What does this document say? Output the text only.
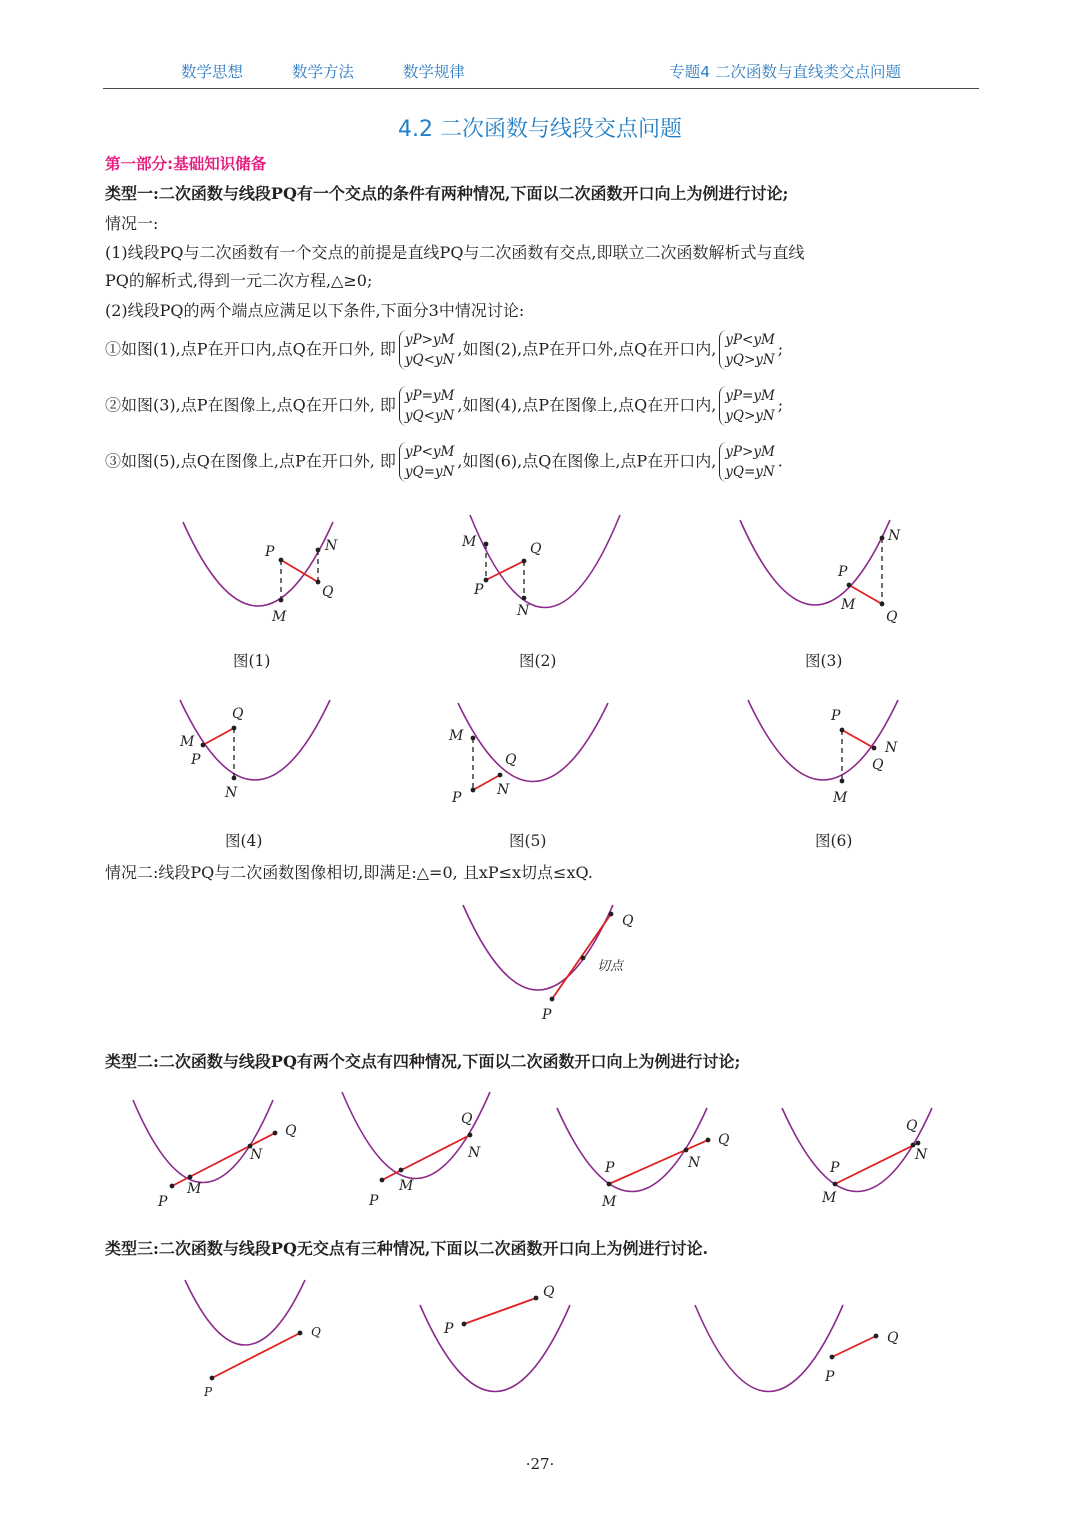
数学思想	数学方法	数学规律	专题4 二次函数与直线类交点问题
4.2 二次函数与线段交点问题
第一部分:基础知识储备
类型一:二次函数与线段PQ有一个交点的条件有两种情况,下面以二次函数开口向上为例进行讨论;
情况一:
(1)线段PQ与二次函数有一个交点的前提是直线PQ与二次函数有交点,即联立二次函数解析式与直线
PQ的解析式,得到一元二次方程,△≥0;
(2)线段PQ的两个端点应满足以下条件,下面分3中情况讨论:
①如图(1),点P在开口内,点Q在开口外, 即 yP>yM
yQ<yN,如图(2),点P在开口外,点Q在开口内, yP<yM
yQ>yN;
②如图(3),点P在图像上,点Q在开口外, 即 yP=yM
yQ<yN,如图(4),点P在图像上,点Q在开口内, yP=yM
yQ>yN;
③如图(5),点Q在图像上,点P在开口外, 即 yP<yM
yQ=yN,如图(6),点Q在图像上,点P在开口内, yP>yM
yQ=yN.
P
Q
M
N	M	Q
P
N
P
M
Q
N
M
P
Q
N
M
Q
N
P
P
N
Q
M
Q
P
切点
P
M
Q
N
P
M
Q
N
P
M
Q
N	P
M
Q
N
P
Q	P
Q
P
Q
图(1)	图(2)	图(3)
图(4)	图(5)	图(6)
情况二:线段PQ与二次函数图像相切,即满足:△=0, 且xP≤x切点≤xQ.
类型二:二次函数与线段PQ有两个交点有四种情况,下面以二次函数开口向上为例进行讨论;
类型三:二次函数与线段PQ无交点有三种情况,下面以二次函数开口向上为例进行讨论.
·27·
